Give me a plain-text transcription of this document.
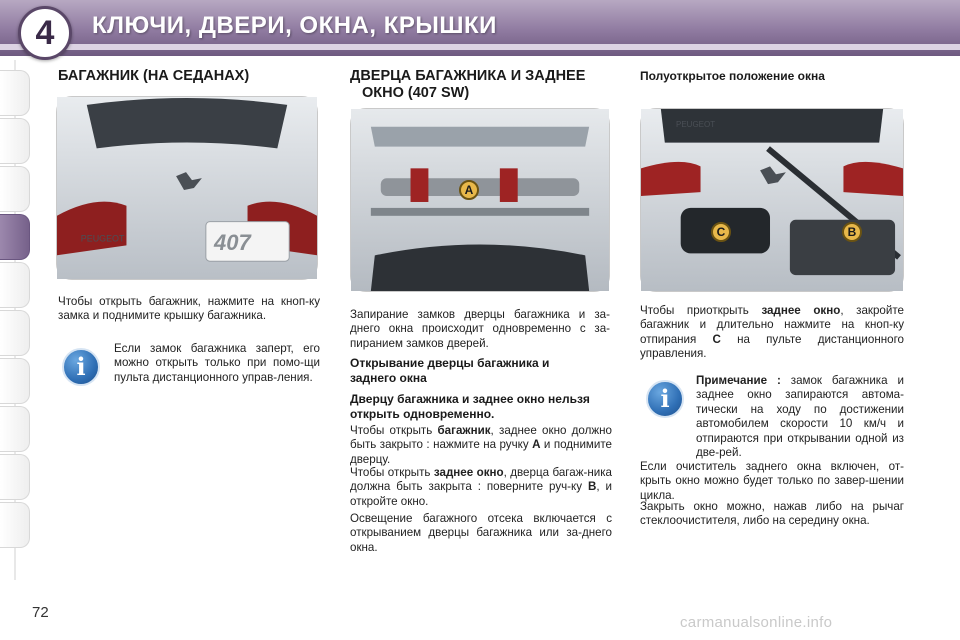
4	КЛЮЧИ, ДВЕРИ, ОКНА, КРЫШКИ
БАГАЖНИК (НА СЕДАНАХ)
PEUGEOT	407
Чтобы открыть багажник, нажмите на кноп-ку замка и поднимите крышку багажника.
i
Если замок багажника заперт, его можно открыть только при помо-щи пульта дистанционного управ-ления.
ДВЕРЦА БАГАЖНИКА И ЗАДНЕЕ
ОКНО (407 SW)
A
Запирание замков дверцы багажника и за-днего окна происходит одновременно с за-пиранием замков дверей.
Открывание дверцы багажника и заднего окна
Дверцу багажника и заднее окно нельзя открыть одновременно.
Чтобы открыть багажник, заднее окно должно быть закрыто : нажмите на ручку A и поднимите дверцу.
Чтобы открыть заднее окно, дверца багаж-ника должна быть закрыта : поверните руч-ку B, и откройте окно.
Освещение багажного отсека включается с открыванием дверцы багажника или за-днего окна.
Полуоткрытое положение окна
PEUGEOT
C	B
Чтобы приоткрыть заднее окно, закройте багажник и длительно нажмите на кноп-ку отпирания C на пульте дистанционного управления.
i
Примечание : замок багажника и заднее окно запираются автома-тически на ходу по достижении автомобилем скорости 10 км/ч и отпираются при открывании одной из две-рей.
Если очиститель заднего окна включен, от-крыть окно можно будет только по завер-шении цикла.
Закрыть окно можно, нажав либо на рычаг стеклоочистителя, либо на середину окна.
72
carmanualsonline.info
